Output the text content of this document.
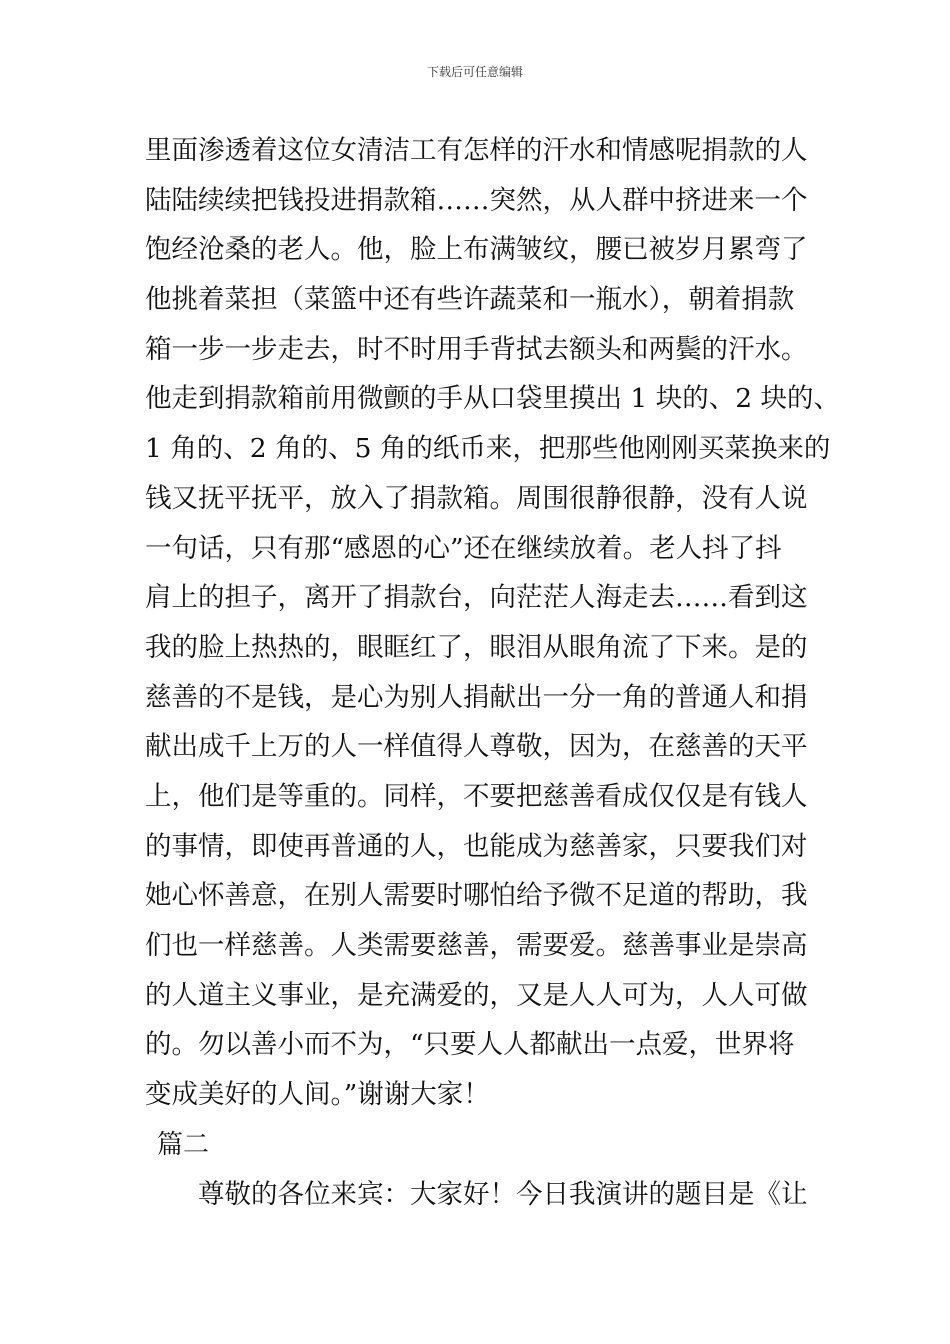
下载后可任意编辑
里面渗透着这位女清洁工有怎样的汗水和情感呢捐款的人
陆陆续续把钱投进捐款箱……突然，从人群中挤进来一个
饱经沧桑的老人。他，脸上布满皱纹，腰已被岁月累弯了
他挑着菜担（菜篮中还有些许蔬菜和一瓶水），朝着捐款
箱一步一步走去，时不时用手背拭去额头和两鬓的汗水。
他走到捐款箱前用微颤的手从口袋里摸出 1 块的、2 块的、
1 角的、2 角的、5 角的纸币来，把那些他刚刚买菜换来的
钱又抚平抚平，放入了捐款箱。周围很静很静，没有人说
一句话，只有那“感恩的心”还在继续放着。老人抖了抖
肩上的担子，离开了捐款台，向茫茫人海走去……看到这
我的脸上热热的，眼眶红了，眼泪从眼角流了下来。是的
慈善的不是钱，是心为别人捐献出一分一角的普通人和捐
献出成千上万的人一样值得人尊敬，因为，在慈善的天平
上，他们是等重的。同样，不要把慈善看成仅仅是有钱人
的事情，即使再普通的人，也能成为慈善家，只要我们对
她心怀善意，在别人需要时哪怕给予微不足道的帮助，我
们也一样慈善。人类需要慈善，需要爱。慈善事业是崇高
的人道主义事业，是充满爱的，又是人人可为，人人可做
的。勿以善小而不为，“只要人人都献出一点爱，世界将
变成美好的人间。”谢谢大家！
篇二
尊敬的各位来宾：大家好！今日我演讲的题目是《让
